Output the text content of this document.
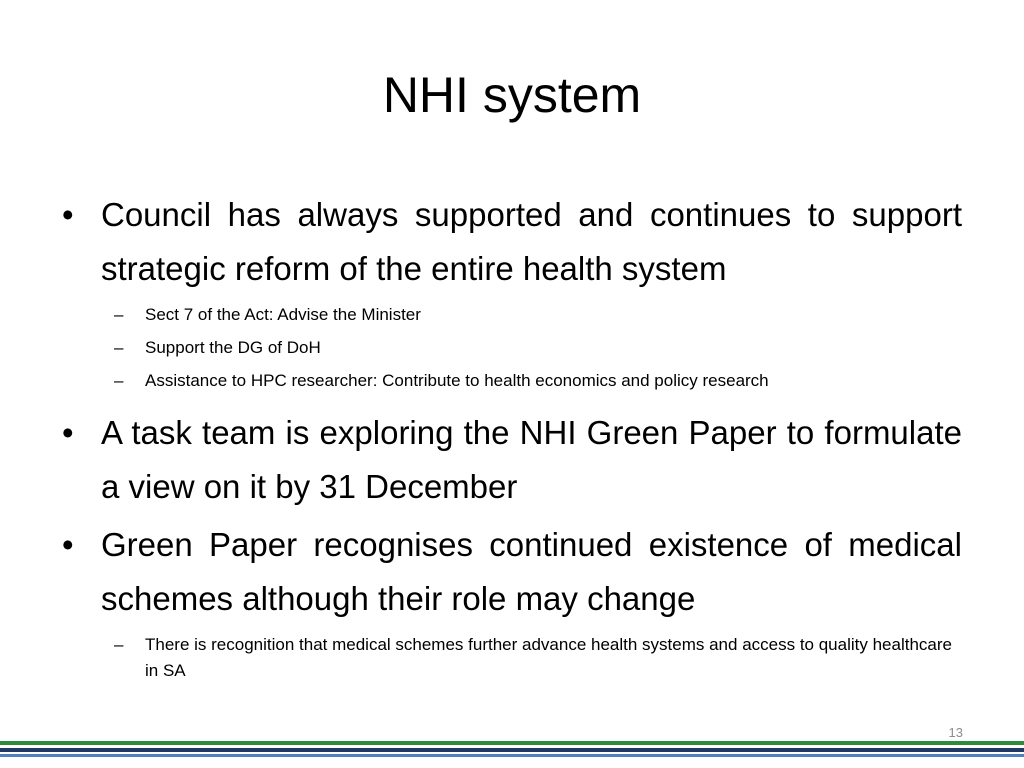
NHI system
• Council has always supported and continues to support strategic reform of the entire health system
– Sect 7 of the Act: Advise the Minister
– Support the DG of DoH
– Assistance to HPC researcher: Contribute to health economics and policy research
• A task team is exploring the NHI Green Paper to formulate a view on it by 31 December
• Green Paper recognises continued existence of medical schemes although their role may change
– There is recognition that medical schemes further advance health systems and access to quality healthcare in SA
13
